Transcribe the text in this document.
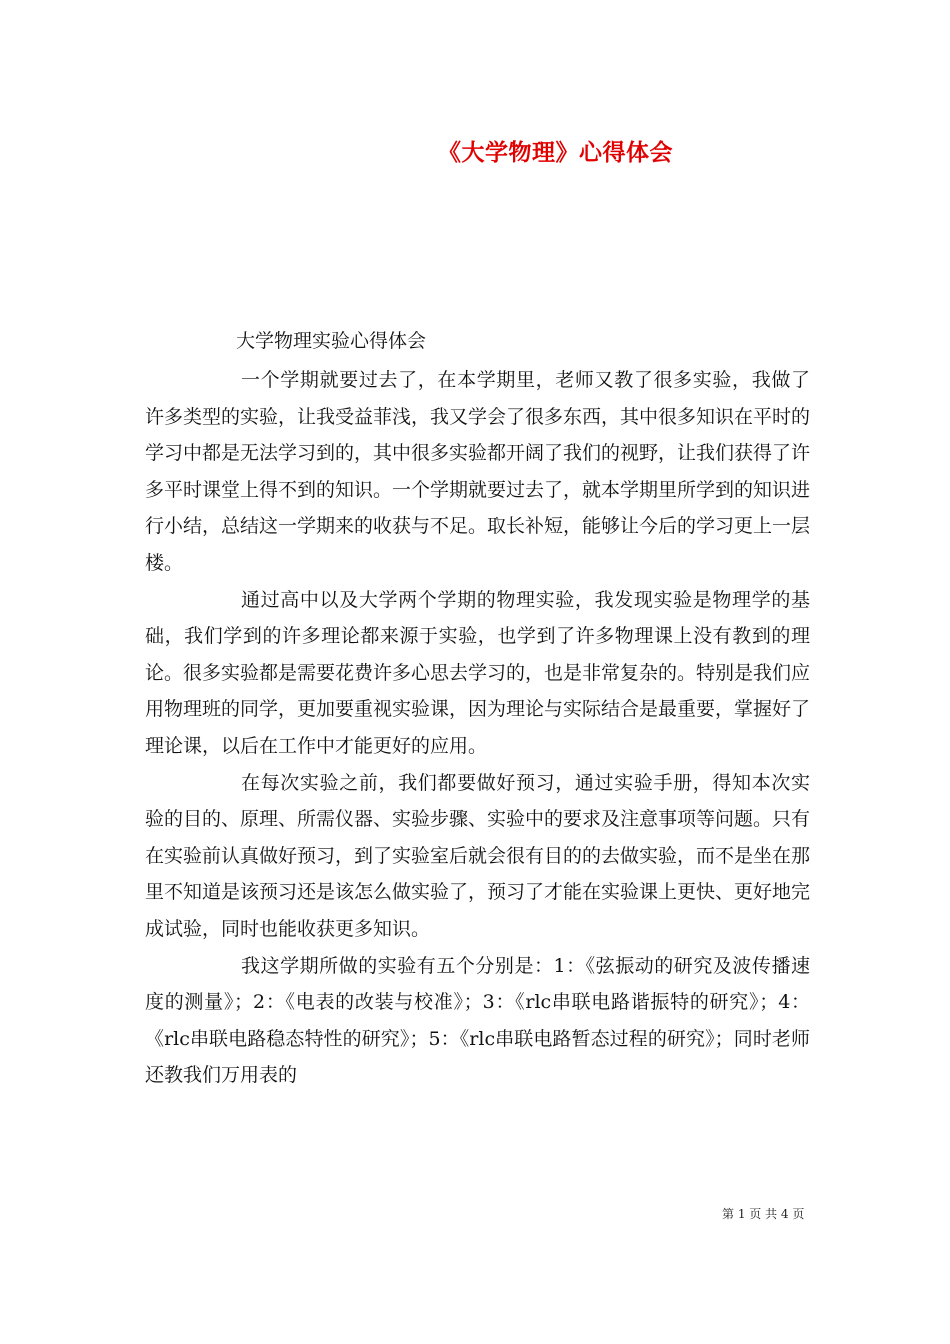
《大学物理》心得体会
大学物理实验心得体会

一个学期就要过去了，在本学期里，老师又教了很多实验，我做了许多类型的实验，让我受益菲浅，我又学会了很多东西，其中很多知识在平时的学习中都是无法学习到的，其中很多实验都开阔了我们的视野，让我们获得了许多平时课堂上得不到的知识。一个学期就要过去了，就本学期里所学到的知识进行小结，总结这一学期来的收获与不足。取长补短，能够让今后的学习更上一层楼。

通过高中以及大学两个学期的物理实验，我发现实验是物理学的基础，我们学到的许多理论都来源于实验，也学到了许多物理课上没有教到的理论。很多实验都是需要花费许多心思去学习的，也是非常复杂的。特别是我们应用物理班的同学，更加要重视实验课，因为理论与实际结合是最重要，掌握好了理论课，以后在工作中才能更好的应用。

在每次实验之前，我们都要做好预习，通过实验手册，得知本次实验的目的、原理、所需仪器、实验步骤、实验中的要求及注意事项等问题。只有在实验前认真做好预习，到了实验室后就会很有目的的去做实验，而不是坐在那里不知道是该预习还是该怎么做实验了，预习了才能在实验课上更快、更好地完成试验，同时也能收获更多知识。

我这学期所做的实验有五个分别是：1：《弦振动的研究及波传播速度的测量》；2：《电表的改装与校准》；3：《rlc串联电路谐振特的研究》；4：《rlc串联电路稳态特性的研究》；5：《rlc串联电路暂态过程的研究》；同时老师还教我们万用表的

第 1 页 共 4 页
